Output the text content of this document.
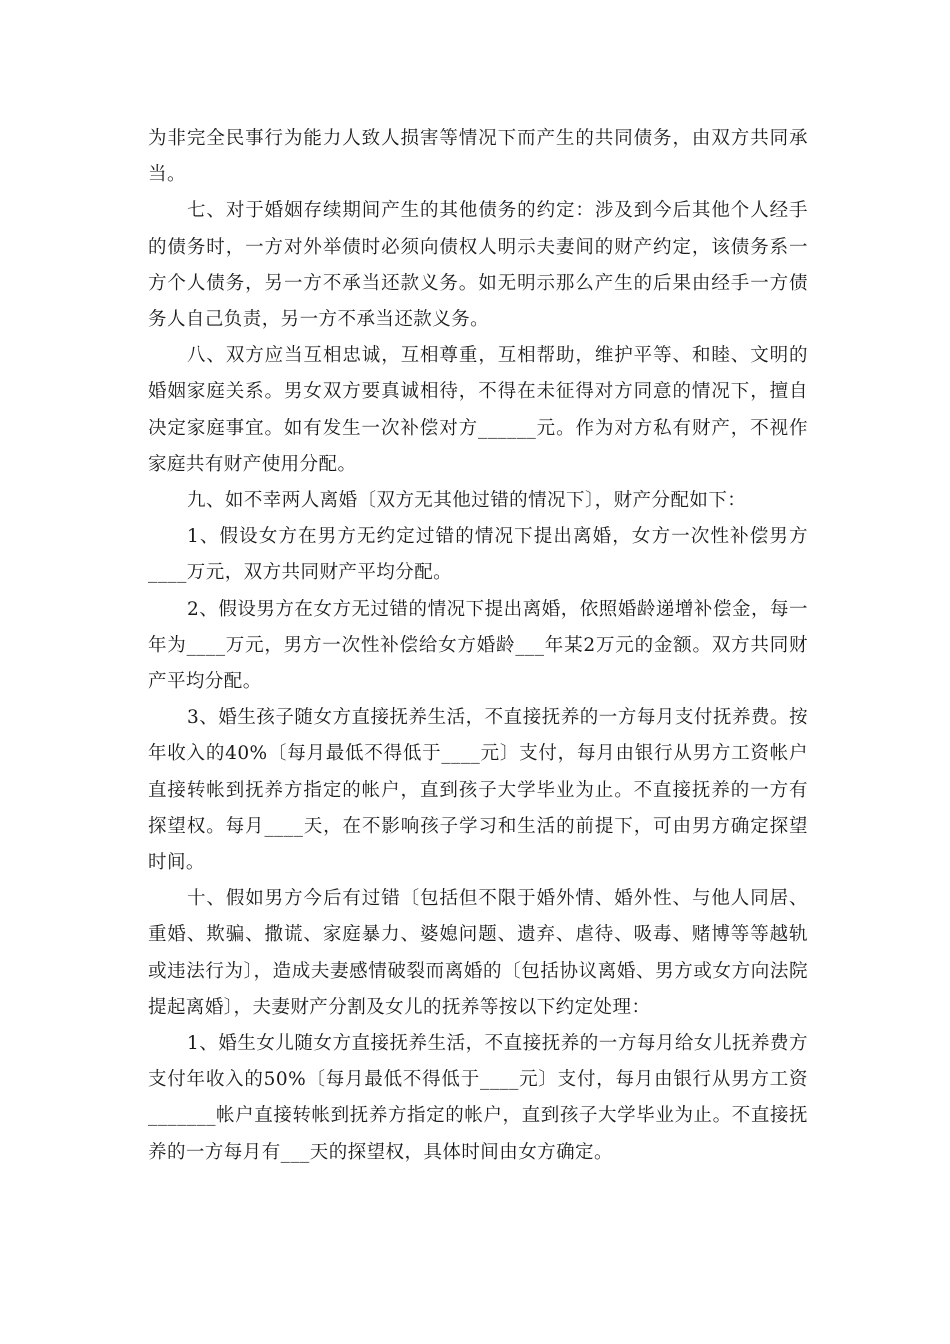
为非完全民事行为能力人致人损害等情况下而产生的共同债务，由双方共同承当。

七、对于婚姻存续期间产生的其他债务的约定：涉及到今后其他个人经手的债务时，一方对外举债时必须向债权人明示夫妻间的财产约定，该债务系一方个人债务，另一方不承当还款义务。如无明示那么产生的后果由经手一方债务人自己负责，另一方不承当还款义务。

八、双方应当互相忠诚，互相尊重，互相帮助，维护平等、和睦、文明的婚姻家庭关系。男女双方要真诚相待，不得在未征得对方同意的情况下，擅自决定家庭事宜。如有发生一次补偿对方______元。作为对方私有财产，不视作家庭共有财产使用分配。

九、如不幸两人离婚〔双方无其他过错的情况下〕，财产分配如下：

1、假设女方在男方无约定过错的情况下提出离婚，女方一次性补偿男方____万元，双方共同财产平均分配。

2、假设男方在女方无过错的情况下提出离婚，依照婚龄递增补偿金，每一年为____万元，男方一次性补偿给女方婚龄___年某2万元的金额。双方共同财产平均分配。

3、婚生孩子随女方直接抚养生活，不直接抚养的一方每月支付抚养费。按年收入的40%〔每月最低不得低于____元〕支付，每月由银行从男方工资帐户直接转帐到抚养方指定的帐户，直到孩子大学毕业为止。不直接抚养的一方有探望权。每月____天，在不影响孩子学习和生活的前提下，可由男方确定探望时间。

十、假如男方今后有过错〔包括但不限于婚外情、婚外性、与他人同居、重婚、欺骗、撒谎、家庭暴力、婆媳问题、遗弃、虐待、吸毒、赌博等等越轨或违法行为〕，造成夫妻感情破裂而离婚的〔包括协议离婚、男方或女方向法院提起离婚〕，夫妻财产分割及女儿的抚养等按以下约定处理：

1、婚生女儿随女方直接抚养生活，不直接抚养的一方每月给女儿抚养费方支付年收入的50%〔每月最低不得低于____元〕支付，每月由银行从男方工资_______帐户直接转帐到抚养方指定的帐户，直到孩子大学毕业为止。不直接抚养的一方每月有___天的探望权，具体时间由女方确定。
